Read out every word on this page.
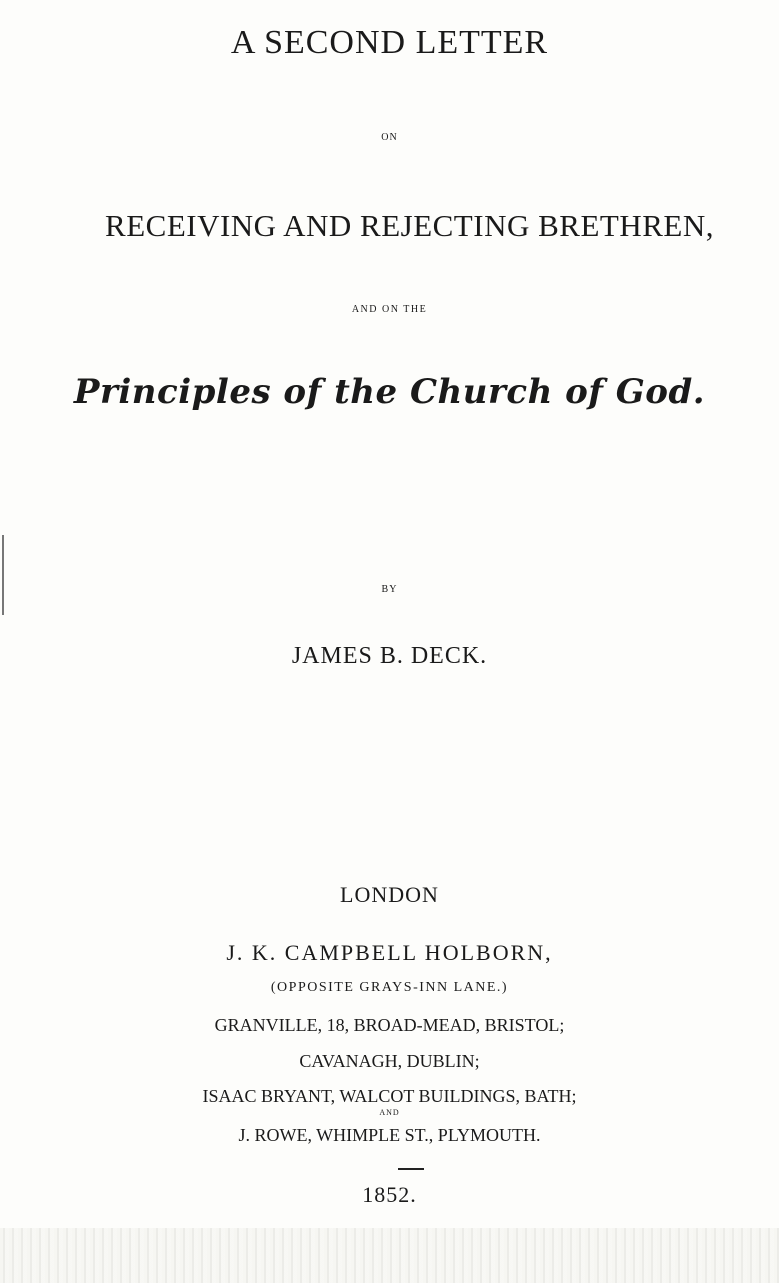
A SECOND LETTER
ON
RECEIVING AND REJECTING BRETHREN,
AND ON THE
Principles of the Church of God.
BY
JAMES B. DECK.
LONDON
J. K. CAMPBELL HOLBORN,
(OPPOSITE GRAYS-INN LANE.)
GRANVILLE, 18, BROAD-MEAD, BRISTOL;
CAVANAGH, DUBLIN;
ISAAC BRYANT, WALCOT BUILDINGS, BATH;
AND
J. ROWE, WHIMPLE ST., PLYMOUTH.
1852.
